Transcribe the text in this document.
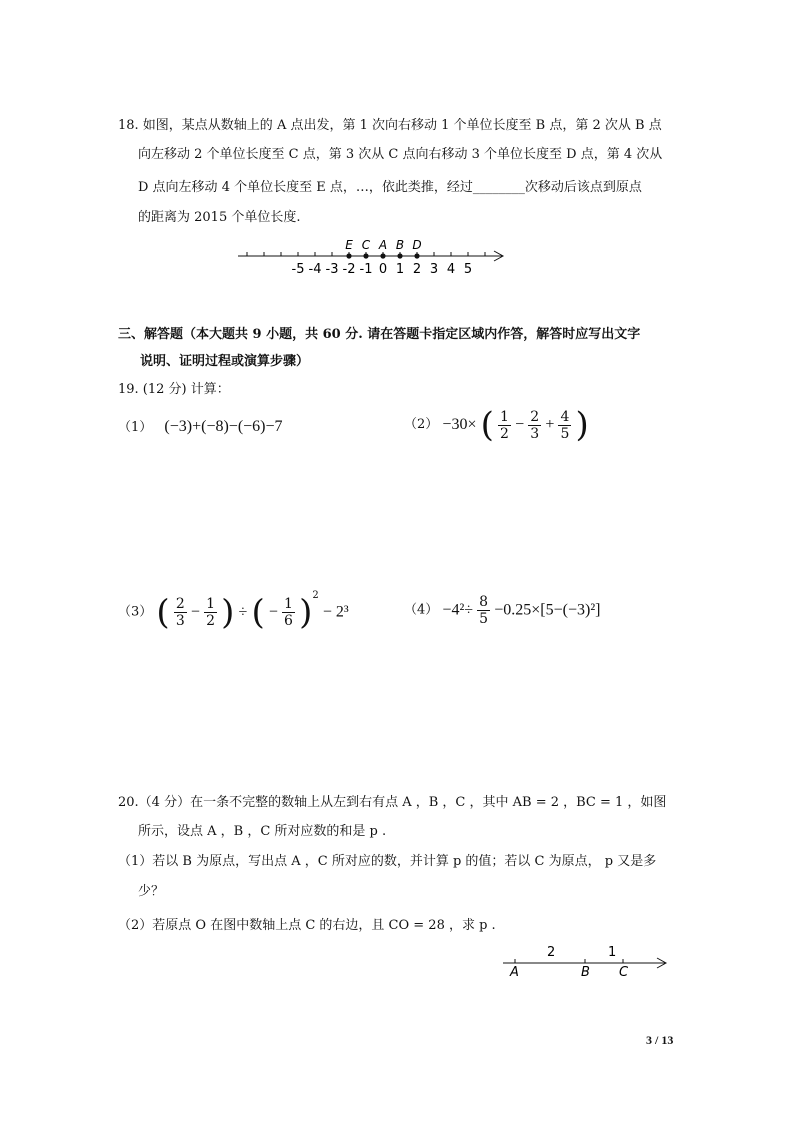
18. 如图，某点从数轴上的 A 点出发，第 1 次向右移动 1 个单位长度至 B 点，第 2 次从 B 点
向左移动 2 个单位长度至 C 点，第 3 次从 C 点向右移动 3 个单位长度至 D 点，第 4 次从
D 点向左移动 4 个单位长度至 E 点，…，依此类推，经过________次移动后该点到原点
的距离为 2015 个单位长度.
-5 -4 -3 -2 -1 0 1 2 3 4 5
E C A B D
三、解答题（本大题共 9 小题，共 60 分. 请在答题卡指定区域内作答，解答时应写出文字
说明、证明过程或演算步骤）
19. (12 分) 计算：
（1） (−3)+(−8)−(−6)−7	（2） −30× ( $\frac{1}{2} - \frac{2}{3} + \frac{4}{5}$ )
（3） ( $\frac{2}{3} - \frac{1}{2}$ ) ÷ ( − $\frac{1}{6} )^2 - 2^3$	$(4) -4^2\div \frac{8}{5} -0.25\times[5-(-3)^2]$
20.（4 分）在一条不完整的数轴上从左到右有点 A ，B ，C ，其中 AB = 2 ，BC = 1 ，如图
所示，设点 A ，B ，C 所对应数的和是 p .
（1）若以 B 为原点，写出点 A ，C 所对应的数，并计算 p 的值；若以 C 为原点， p 又是多
少？
（2）若原点 O 在图中数轴上点 C 的右边，且 CO = 28 ，求 p .
2	1
A	B C
3 / 13
